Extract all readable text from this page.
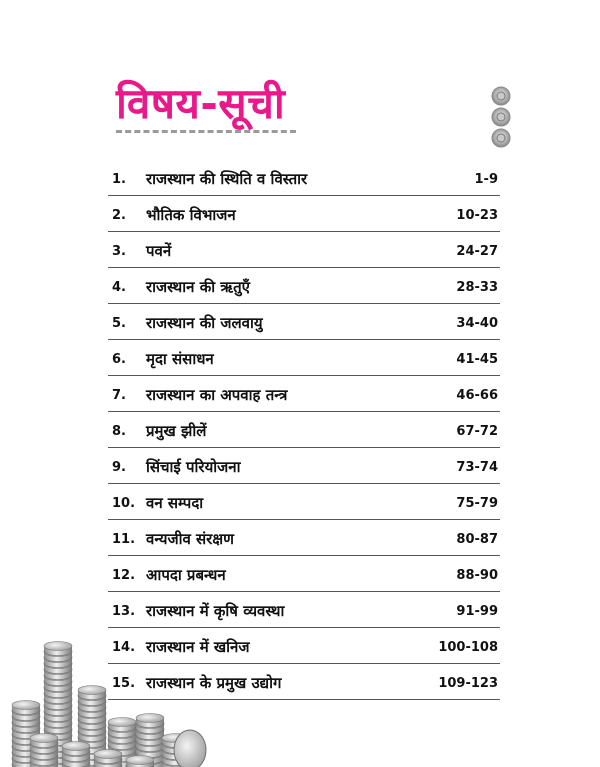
विषय-सूची
1. राजस्थान की स्थिति व विस्तार	1-9
2. भौतिक विभाजन	10-23
3. पवनें	24-27
4. राजस्थान की ऋतुएँ	28-33
5. राजस्थान की जलवायु	34-40
6. मृदा संसाधन	41-45
7. राजस्थान का अपवाह तन्त्र	46-66
8. प्रमुख झीलें	67-72
9. सिंचाई परियोजना	73-74
10. वन सम्पदा	75-79
11. वन्यजीव संरक्षण	80-87
12. आपदा प्रबन्धन	88-90
13. राजस्थान में कृषि व्यवस्था	91-99
14. राजस्थान में खनिज	100-108
15. राजस्थान के प्रमुख उद्योग	109-123
